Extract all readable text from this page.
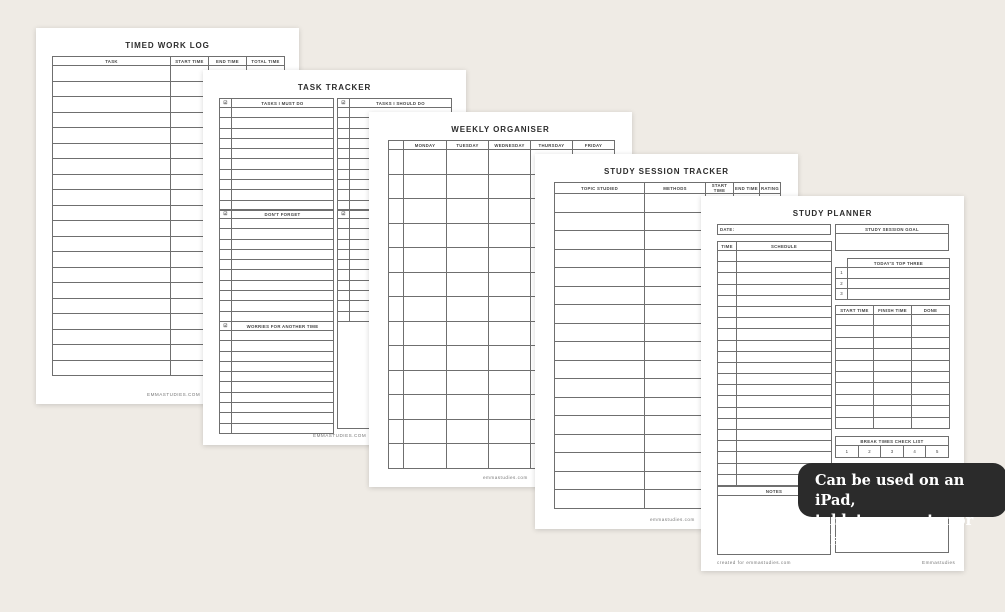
TIMED WORK LOG
TASK	START TIME	END TIME	TOTAL TIME

EMMASTUDIES.COM
TASK TRACKER
☑	TASKS I MUST DO

		☑	TASKS I SHOULD DO

☑	DON'T FORGET

		☑	

☑	WORRIES FOR ANOTHER TIME

EMMASTUDIES.COM
WEEKLY ORGANISER
	MONDAY	TUESDAY	WEDNESDAY	THURSDAY	FRIDAY

emmastudies.com
STUDY SESSION TRACKER
TOPIC STUDIED	METHODS	START TIME	END TIME	RATING

emmastudies.com
STUDY PLANNER
DATE:	STUDY SESSION GOAL

TIME	SCHEDULE

	TODAY'S TOP THREE
1	
2	
3	
START TIME	FINISH TIME	DONE

BREAK TIMES CHECK LIST
1	2	3	4	5
NOTES

created for emmastudies.com	Emmastudies
Can be used on an iPad,
tablet, computer or Mac.
